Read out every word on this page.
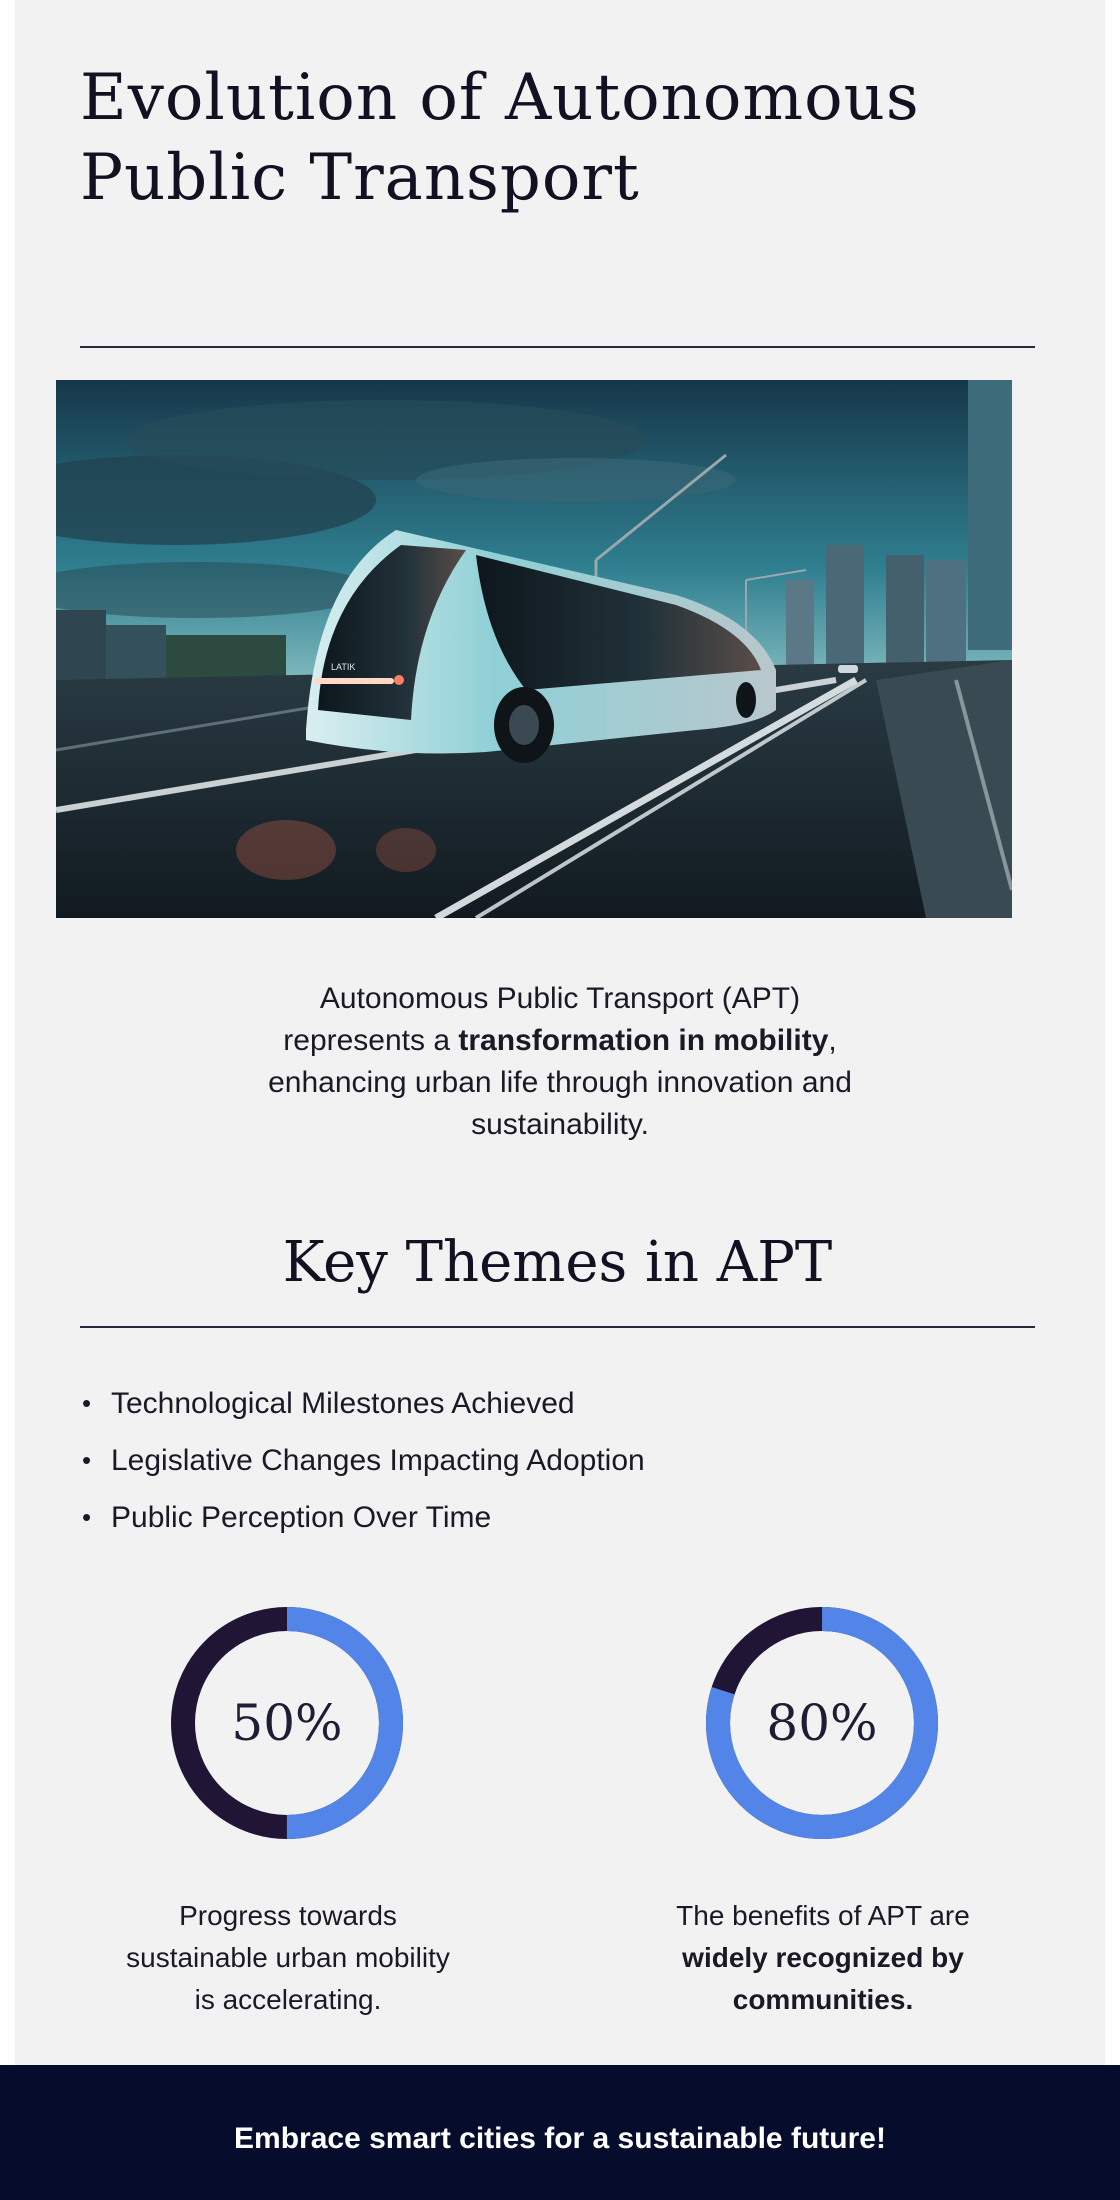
Evolution of Autonomous
Public Transport
LATIK

Autonomous Public Transport (APT)
represents a transformation in mobility,
enhancing urban life through innovation and
sustainability.

Key Themes in APT
• Technological Milestones Achieved
• Legislative Changes Impacting Adoption
• Public Perception Over Time
50%	80%

Progress towards
sustainable urban mobility
is accelerating.

The benefits of APT are
widely recognized by
communities.

Embrace smart cities for a sustainable future!
